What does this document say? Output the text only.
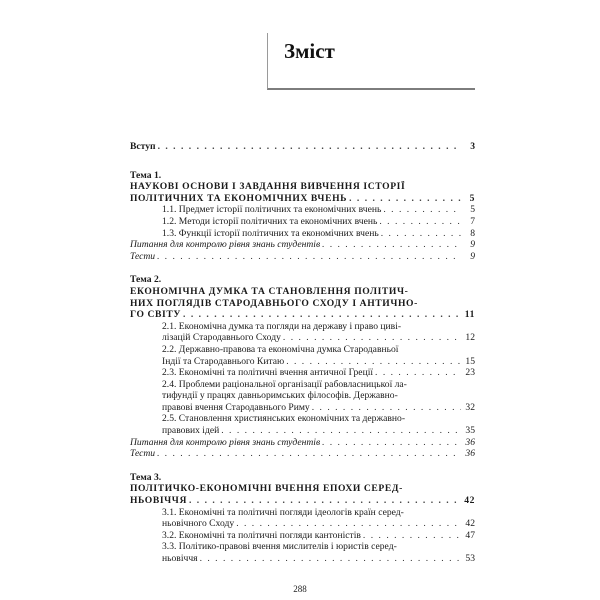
Зміст
Вступ . . .	3
Тема 1.
НАУКОВІ ОСНОВИ І ЗАВДАННЯ ВИВЧЕННЯ ІСТОРІЇ
ПОЛІТИЧНИХ ТА ЕКОНОМІЧНИХ ВЧЕНЬ . . .	5
1.1. Предмет історії політичних та економічних вчень . . .	5
1.2. Методи історії політичних та економічних вчень . . .	7
1.3. Функції історії політичних та економічних вчень . . .	8
Питання для контролю рівня знань студентів . . .	9
Тести . . .	9
Тема 2.
ЕКОНОМІЧНА ДУМКА ТА СТАНОВЛЕННЯ ПОЛІТИЧ-
НИХ ПОГЛЯДІВ СТАРОДАВНЬОГО СХОДУ І АНТИЧНО-
ГО СВІТУ . . .	11
2.1. Економічна думка та погляди на державу і право циві-
лізацій Стародавнього Сходу . . .	12
2.2. Державно-правова та економічна думка Стародавньої
Індії та Стародавнього Китаю . . .	15
2.3. Економічні та політичні вчення античної Греції . . .	23
2.4. Проблеми раціональної організації рабовласницької ла-
тифундії у працях давньоримських філософів. Державно-
правові вчення Стародавнього Риму . . .	32
2.5. Становлення християнських економічних та державно-
правових ідей . . .	35
Питання для контролю рівня знань студентів . . .	36
Тести . . .	36
Тема 3.
ПОЛІТИЧКО-ЕКОНОМІЧНІ ВЧЕННЯ ЕПОХИ СЕРЕД-
НЬОВІЧЧЯ . . .	42
3.1. Економічні та політичні погляди ідеологів країн серед-
ньовічного Сходу . . .	42
3.2. Економічні та політичні погляди кантоністів . . .	47
3.3. Політико-правові вчення мислителів і юристів серед-
ньовіччя . . .	53
288
